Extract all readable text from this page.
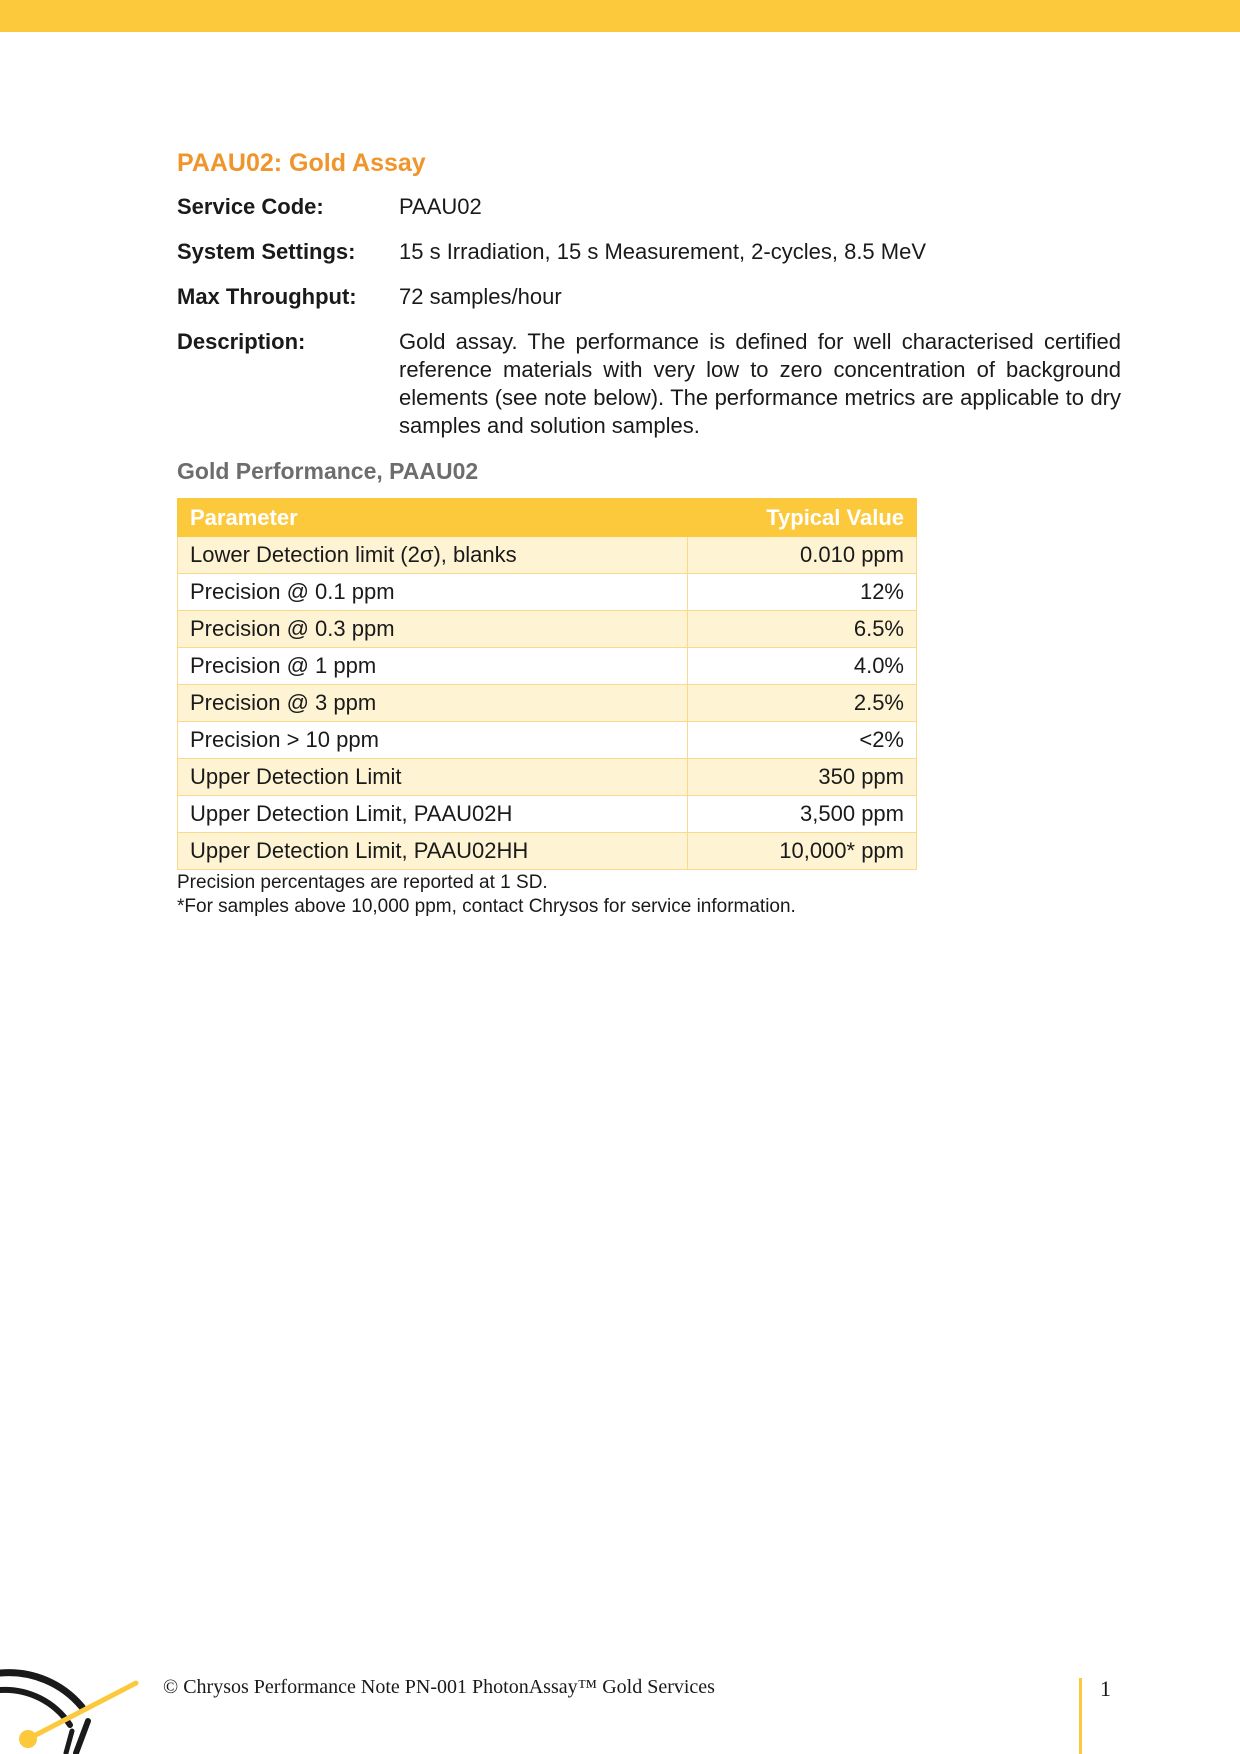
PAAU02: Gold Assay
Service Code:	PAAU02
System Settings:	15 s Irradiation, 15 s Measurement, 2-cycles, 8.5 MeV
Max Throughput:	72 samples/hour
Description:	Gold assay. The performance is defined for well characterised certified reference materials with very low to zero concentration of background elements (see note below). The performance metrics are applicable to dry samples and solution samples.
Gold Performance, PAAU02
Parameter	Typical Value
Lower Detection limit (2σ), blanks	0.010 ppm
Precision @ 0.1 ppm	12%
Precision @ 0.3 ppm	6.5%
Precision @ 1 ppm	4.0%
Precision @ 3 ppm	2.5%
Precision > 10 ppm	<2%
Upper Detection Limit	350 ppm
Upper Detection Limit, PAAU02H	3,500 ppm
Upper Detection Limit, PAAU02HH	10,000* ppm
Precision percentages are reported at 1 SD.
*For samples above 10,000 ppm, contact Chrysos for service information.
© Chrysos Performance Note PN-001 PhotonAssay™ Gold Services	1
